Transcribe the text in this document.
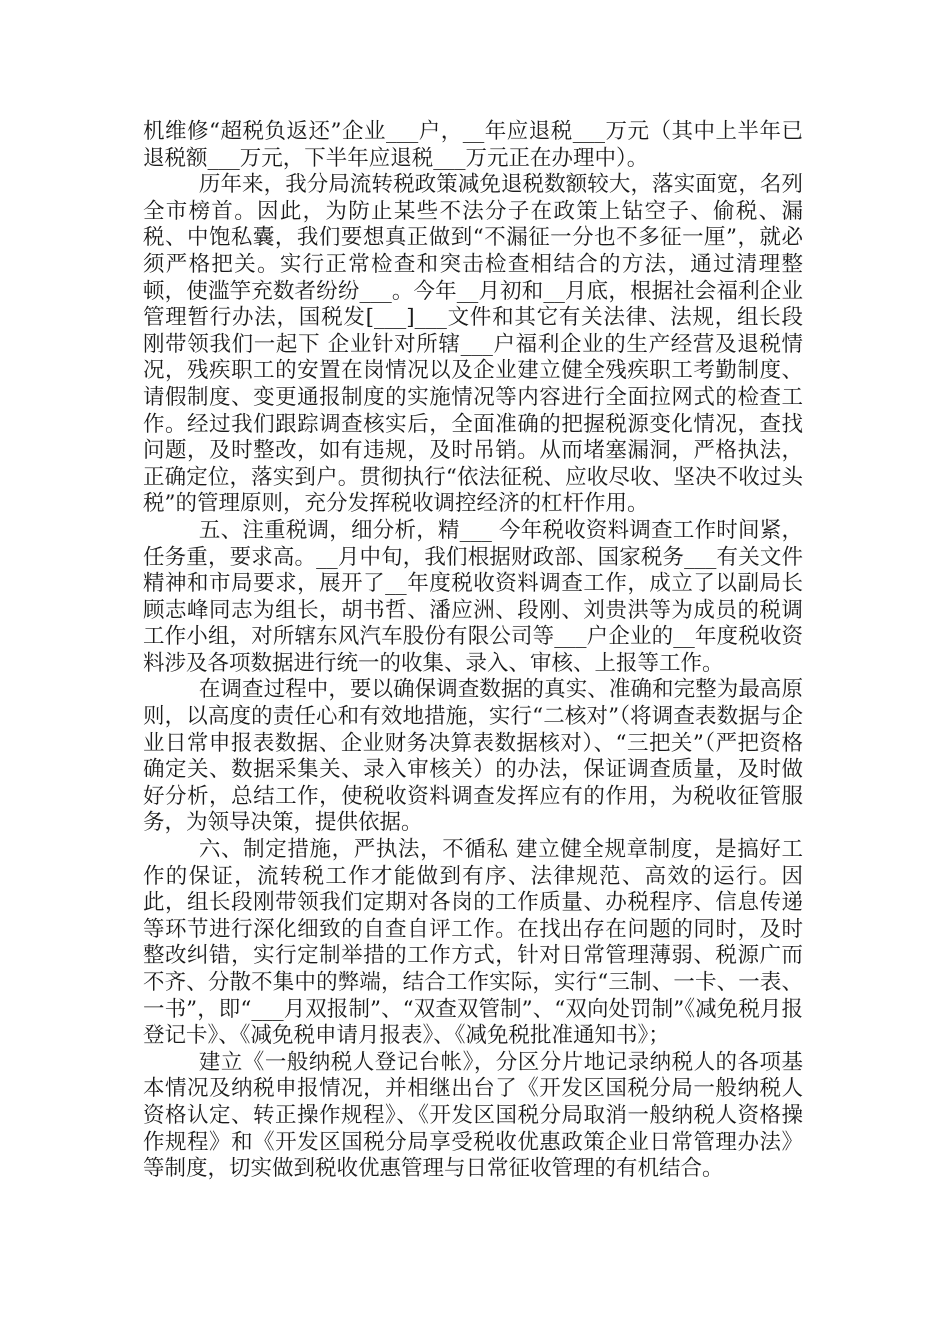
机维修“超税负返还”企业___户，__年应退税___万元（其中上半年已退税额___万元，下半年应退税___万元正在办理中）。

历年来，我分局流转税政策减免退税数额较大，落实面宽，名列全市榜首。因此，为防止某些不法分子在政策上钻空子、偷税、漏税、中饱私囊，我们要想真正做到“不漏征一分也不多征一厘”，就必须严格把关。实行正常检查和突击检查相结合的方法，通过清理整顿，使滥竽充数者纷纷___。今年__月初和__月底，根据社会福利企业管理暂行办法，国税发[___]___文件和其它有关法律、法规，组长段刚带领我们一起下 企业针对所辖___户福利企业的生产经营及退税情况，残疾职工的安置在岗情况以及企业建立健全残疾职工考勤制度、请假制度、变更通报制度的实施情况等内容进行全面拉网式的检查工作。经过我们跟踪调查核实后，全面准确的把握税源变化情况，查找问题，及时整改，如有违规，及时吊销。从而堵塞漏洞，严格执法，正确定位，落实到户。贯彻执行“依法征税、应收尽收、坚决不收过头税”的管理原则，充分发挥税收调控经济的杠杆作用。

五、注重税调，细分析，精___ 今年税收资料调查工作时间紧，任务重，要求高。__月中旬，我们根据财政部、国家税务___有关文件精神和市局要求，展开了__年度税收资料调查工作，成立了以副局长顾志峰同志为组长，胡书哲、潘应洲、段刚、刘贵洪等为成员的税调工作小组，对所辖东风汽车股份有限公司等___户企业的__年度税收资料涉及各项数据进行统一的收集、录入、审核、上报等工作。

在调查过程中，要以确保调查数据的真实、准确和完整为最高原则，以高度的责任心和有效地措施，实行“二核对”（将调查表数据与企业日常申报表数据、企业财务决算表数据核对）、“三把关”（严把资格确定关、数据采集关、录入审核关）的办法，保证调查质量，及时做好分析，总结工作，使税收资料调查发挥应有的作用，为税收征管服务，为领导决策，提供依据。

六、制定措施，严执法，不循私 建立健全规章制度，是搞好工作的保证，流转税工作才能做到有序、法律规范、高效的运行。因此，组长段刚带领我们定期对各岗的工作质量、办税程序、信息传递等环节进行深化细致的自查自评工作。在找出存在问题的同时，及时整改纠错，实行定制举措的工作方式，针对日常管理薄弱、税源广而不齐、分散不集中的弊端，结合工作实际，实行“三制、一卡、一表、一书”，即“___月双报制”、“双查双管制”、“双向处罚制”《减免税月报登记卡》、《减免税申请月报表》、《减免税批准通知书》；

建立《一般纳税人登记台帐》，分区分片地记录纳税人的各项基本情况及纳税申报情况，并相继出台了《开发区国税分局一般纳税人资格认定、转正操作规程》、《开发区国税分局取消一般纳税人资格操作规程》和《开发区国税分局享受税收优惠政策企业日常管理办法》等制度，切实做到税收优惠管理与日常征收管理的有机结合。
